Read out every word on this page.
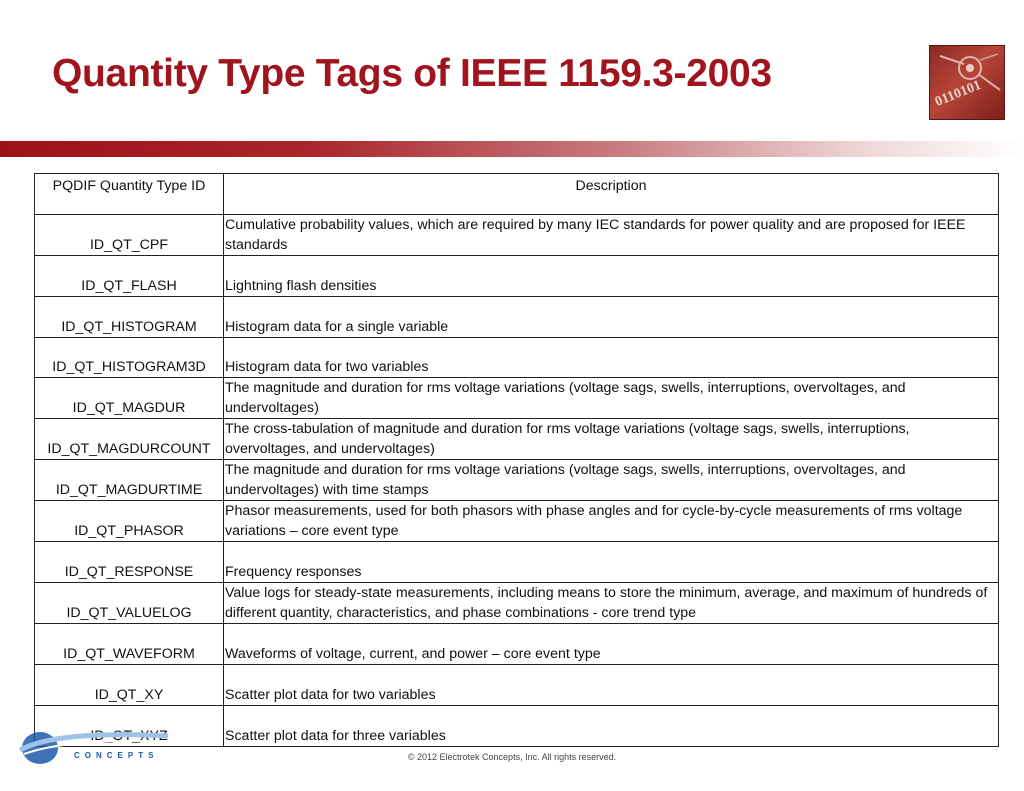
Quantity Type Tags of IEEE 1159.3-2003	0110101
PQDIF Quantity Type ID	Description
ID_QT_CPF	Cumulative probability values, which are required by many IEC standards for power quality and are proposed for IEEE standards
ID_QT_FLASH	Lightning flash densities
ID_QT_HISTOGRAM	Histogram data for a single variable
ID_QT_HISTOGRAM3D	Histogram data for two variables
ID_QT_MAGDUR	The magnitude and duration for rms voltage variations (voltage sags, swells, interruptions, overvoltages, and undervoltages)
ID_QT_MAGDURCOUNT	The cross-tabulation of magnitude and duration for rms voltage variations (voltage sags, swells, interruptions, overvoltages, and undervoltages)
ID_QT_MAGDURTIME	The magnitude and duration for rms voltage variations (voltage sags, swells, interruptions, overvoltages, and undervoltages) with time stamps
ID_QT_PHASOR	Phasor measurements, used for both phasors with phase angles and for cycle-by-cycle measurements of rms voltage variations – core event type
ID_QT_RESPONSE	Frequency responses
ID_QT_VALUELOG	Value logs for steady-state measurements, including means to store the minimum, average, and maximum of hundreds of different quantity, characteristics, and phase combinations - core trend type
ID_QT_WAVEFORM	Waveforms of voltage, current, and power – core event type
ID_QT_XY	Scatter plot data for two variables
ID_QT_XYZ	Scatter plot data for three variables
CONCEPTS	© 2012 Electrotek Concepts, Inc. All rights reserved.
